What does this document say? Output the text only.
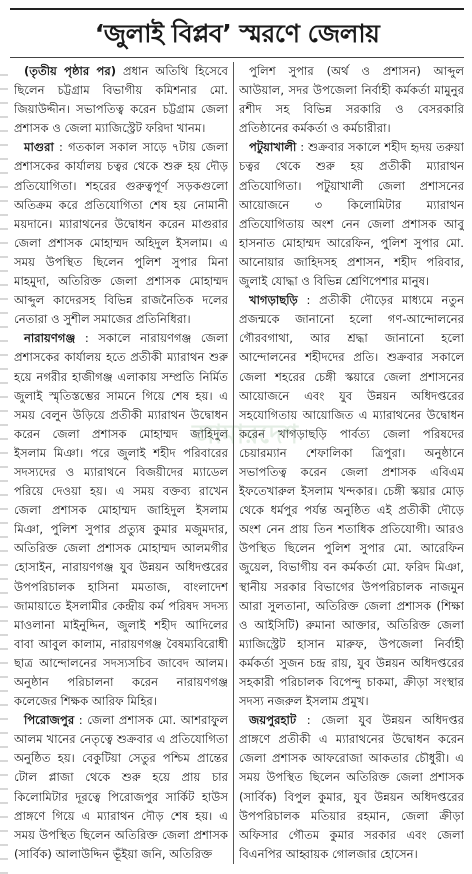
‘জুলাই বিপ্লব’ স্মরণে জেলায়

(তৃতীয় পৃষ্ঠার পর) প্রধান অতিথি হিসেবে ছিলেন চট্টগ্রাম বিভাগীয় কমিশনার মো. জিয়াউদ্দীন। সভাপতিত্ব করেন চট্টগ্রাম জেলা প্রশাসক ও জেলা ম্যাজিস্ট্রেট ফরিদা খানম।

মাগুরা : গতকাল সকাল সাড়ে ৭টায় জেলা প্রশাসকের কার্যালয় চত্বর থেকে শুরু হয় দৌড় প্রতিযোগিতা। শহরের গুরুত্বপূর্ণ সড়কগুলো অতিক্রম করে প্রতিযোগিতা শেষ হয় নোমানী ময়দানে। ম্যারাথনের উদ্বোধন করেন মাগুরার জেলা প্রশাসক মোহাম্মদ অহিদুল ইসলাম। এ সময় উপস্থিত ছিলেন পুলিশ সুপার মিনা মাহমুদা, অতিরিক্ত জেলা প্রশাসক মোহাম্মদ আব্দুল কাদেরসহ বিভিন্ন রাজনৈতিক দলের নেতারা ও সুশীল সমাজের প্রতিনিধিরা।

নারায়ণগঞ্জ : সকালে নারায়ণগঞ্জ জেলা প্রশাসকের কার্যালয় হতে প্রতীকী ম্যারাথন শুরু হয়ে নগরীর হাজীগঞ্জ এলাকায় সম্প্রতি নির্মিত জুলাই স্মৃতিস্তম্ভের সামনে গিয়ে শেষ হয়। এ সময় বেলুন উড়িয়ে প্রতীকী ম্যারাথন উদ্বোধন করেন জেলা প্রশাসক মোহাম্মদ জাহিদুল ইসলাম মিঞা। পরে জুলাই শহীদ পরিবারের সদস্যদের ও ম্যারাথনে বিজয়ীদের ম্যাডেল পরিয়ে দেওয়া হয়। এ সময় বক্তব্য রাখেন জেলা প্রশাসক মোহাম্মদ জাহিদুল ইসলাম মিঞা, পুলিশ সুপার প্রত্যুষ কুমার মজুমদার, অতিরিক্ত জেলা প্রশাসক মোহাম্মদ আলমগীর হোসাইন, নারায়ণগঞ্জ যুব উন্নয়ন অধিদপ্তরের উপপরিচালক হাসিনা মমতাজ, বাংলাদেশ জামায়াতে ইসলামীর কেন্দ্রীয় কর্ম পরিষদ সদস্য মাওলানা মাইনুদ্দিন, জুলাই শহীদ আদিলের বাবা আবুল কালাম, নারায়ণগঞ্জ বৈষম্যবিরোধী ছাত্র আন্দোলনের সদস্যসচিব জাবেদ আলম। অনুষ্ঠান পরিচালনা করেন নারায়ণগঞ্জ কলেজের শিক্ষক আরিফ মিহির।

পিরোজপুর : জেলা প্রশাসক মো. আশরাফুল আলম খানের নেতৃত্বে শুক্রবার এ প্রতিযোগিতা অনুষ্ঠিত হয়। বেকুটিয়া সেতুর পশ্চিম প্রান্তের টোল প্লাজা থেকে শুরু হয়ে প্রায় চার কিলোমিটার দূরত্বে পিরোজপুর সার্কিট হাউস প্রাঙ্গণে গিয়ে এ ম্যারাথন দৌড় শেষ হয়। এ সময় উপস্থিত ছিলেন অতিরিক্ত জেলা প্রশাসক (সার্বিক) আলাউদ্দিন ভূঁইয়া জনি, অতিরিক্ত

পুলিশ সুপার (অর্থ ও প্রশাসন) আব্দুল আউয়াল, সদর উপজেলা নির্বাহী কর্মকর্তা মামুনুর রশীদ সহ বিভিন্ন সরকারি ও বেসরকারি প্রতিষ্ঠানের কর্মকর্তা ও কর্মচারীরা।

পটুয়াখালী : শুক্রবার সকালে শহীদ হৃদয় তরুয়া চত্বর থেকে শুরু হয় প্রতীকী ম্যারাথন প্রতিযোগিতা। পটুয়াখালী জেলা প্রশাসনের আয়োজনে ৩ কিলোমিটার ম্যারাথন প্রতিযোগিতায় অংশ নেন জেলা প্রশাসক আবু হাসনাত মোহাম্মদ আরেফিন, পুলিশ সুপার মো. আনোয়ার জাহিদসহ প্রশাসন, শহীদ পরিবার, জুলাই যোদ্ধা ও বিভিন্ন শ্রেণিপেশার মানুষ।

খাগড়াছড়ি : প্রতীকী দৌড়ের মাধ্যমে নতুন প্রজন্মকে জানানো হলো গণ-আন্দোলনের গৌরবগাথা, আর শ্রদ্ধা জানানো হলো আন্দোলনের শহীদদের প্রতি। শুক্রবার সকালে জেলা শহরের চেঙ্গী স্কয়ারে জেলা প্রশাসনের আয়োজনে এবং যুব উন্নয়ন অধিদপ্তরের সহযোগিতায় আয়োজিত এ ম্যারাথনের উদ্বোধন করেন খাগড়াছড়ি পার্বত্য জেলা পরিষদের চেয়ারম্যান শেফালিকা ত্রিপুরা। অনুষ্ঠানে সভাপতিত্ব করেন জেলা প্রশাসক এবিএম ইফতেখারুল ইসলাম খন্দকার। চেঙ্গী স্কয়ার মোড় থেকে ধর্মপুর পর্যন্ত অনুষ্ঠিত এই প্রতীকী দৌড়ে অংশ নেন প্রায় তিন শতাধিক প্রতিযোগী। আরও উপস্থিত ছিলেন পুলিশ সুপার মো. আরেফিন জুয়েল, বিভাগীয় বন কর্মকর্তা মো. ফরিদ মিঞা, স্থানীয় সরকার বিভাগের উপপরিচালক নাজমুন আরা সুলতানা, অতিরিক্ত জেলা প্রশাসক (শিক্ষা ও আইসিটি) রুমানা আক্তার, অতিরিক্ত জেলা ম্যাজিস্ট্রেট হাসান মারুফ, উপজেলা নির্বাহী কর্মকর্তা সুজন চন্দ্র রায়, যুব উন্নয়ন অধিদপ্তরের সহকারী পরিচালক বিপেন্দু চাকমা, ক্রীড়া সংস্থার সদস্য নজরুল ইসলাম প্রমুখ।

জয়পুরহাট : জেলা যুব উন্নয়ন অধিদপ্তর প্রাঙ্গণে প্রতীকী এ ম্যারাথনের উদ্বোধন করেন জেলা প্রশাসক আফরোজা আকতার চৌধুরী। এ সময় উপস্থিত ছিলেন অতিরিক্ত জেলা প্রশাসক (সার্বিক) বিপুল কুমার, যুব উন্নয়ন অধিদপ্তরের উপপরিচালক মতিয়ার রহমান, জেলা ক্রীড়া অফিসার গৌতম কুমার সরকার এবং জেলা বিএনপির আহ্বায়ক গোলজার হোসেন।

আমারদেশ
